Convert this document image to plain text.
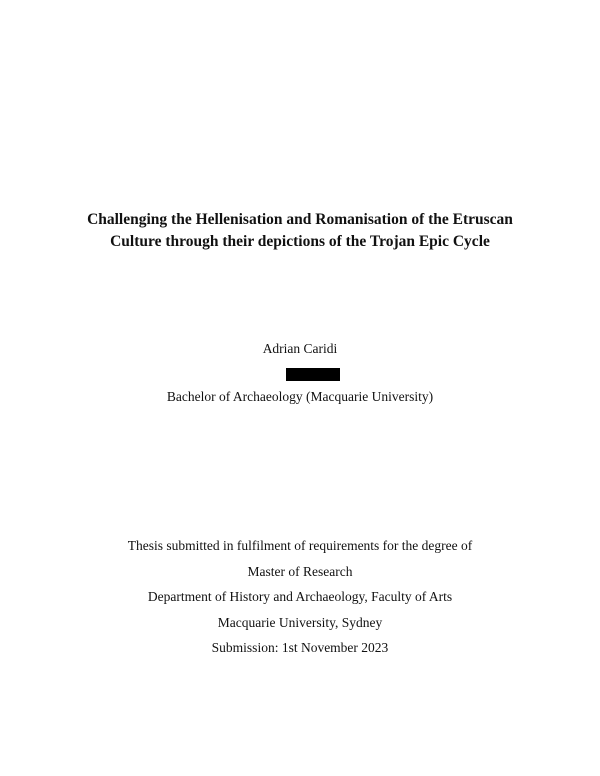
Challenging the Hellenisation and Romanisation of the Etruscan
Culture through their depictions of the Trojan Epic Cycle
Adrian Caridi
Bachelor of Archaeology (Macquarie University)
Thesis submitted in fulfilment of requirements for the degree of
Master of Research
Department of History and Archaeology, Faculty of Arts
Macquarie University, Sydney
Submission: 1st November 2023
